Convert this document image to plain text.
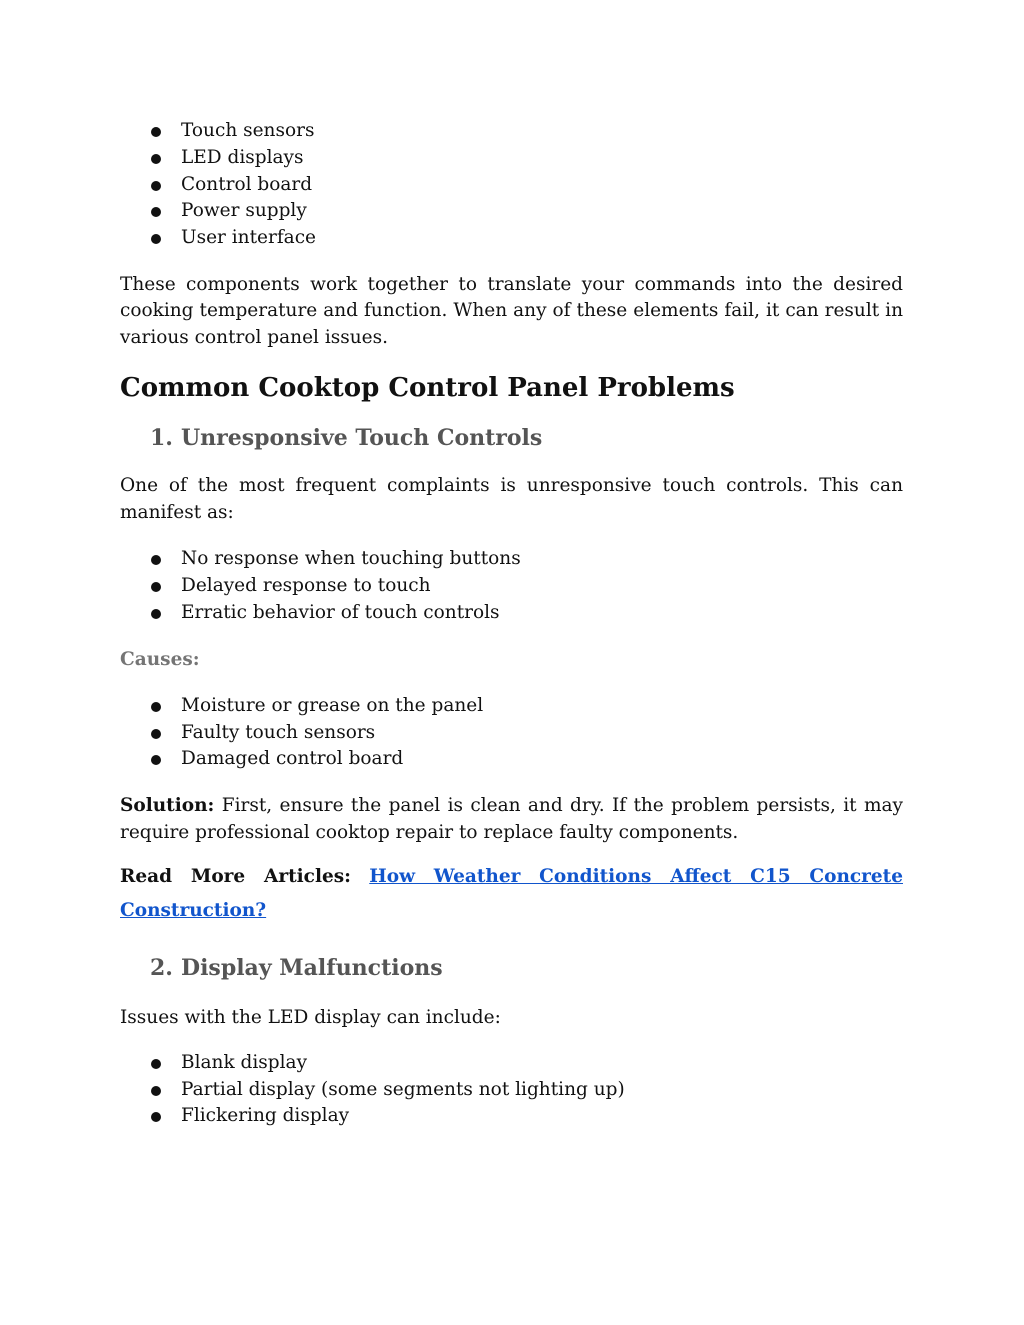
Touch sensors
LED displays
Control board
Power supply
User interface

These components work together to translate your commands into the desired cooking temperature and function. When any of these elements fail, it can result in various control panel issues.

Common Cooktop Control Panel Problems
1. Unresponsive Touch Controls

One of the most frequent complaints is unresponsive touch controls. This can manifest as:

No response when touching buttons
Delayed response to touch
Erratic behavior of touch controls

Causes:

Moisture or grease on the panel
Faulty touch sensors
Damaged control board

Solution: First, ensure the panel is clean and dry. If the problem persists, it may require professional cooktop repair to replace faulty components.

Read More Articles: How Weather Conditions Affect C15 Concrete Construction?

2. Display Malfunctions

Issues with the LED display can include:

Blank display
Partial display (some segments not lighting up)
Flickering display
